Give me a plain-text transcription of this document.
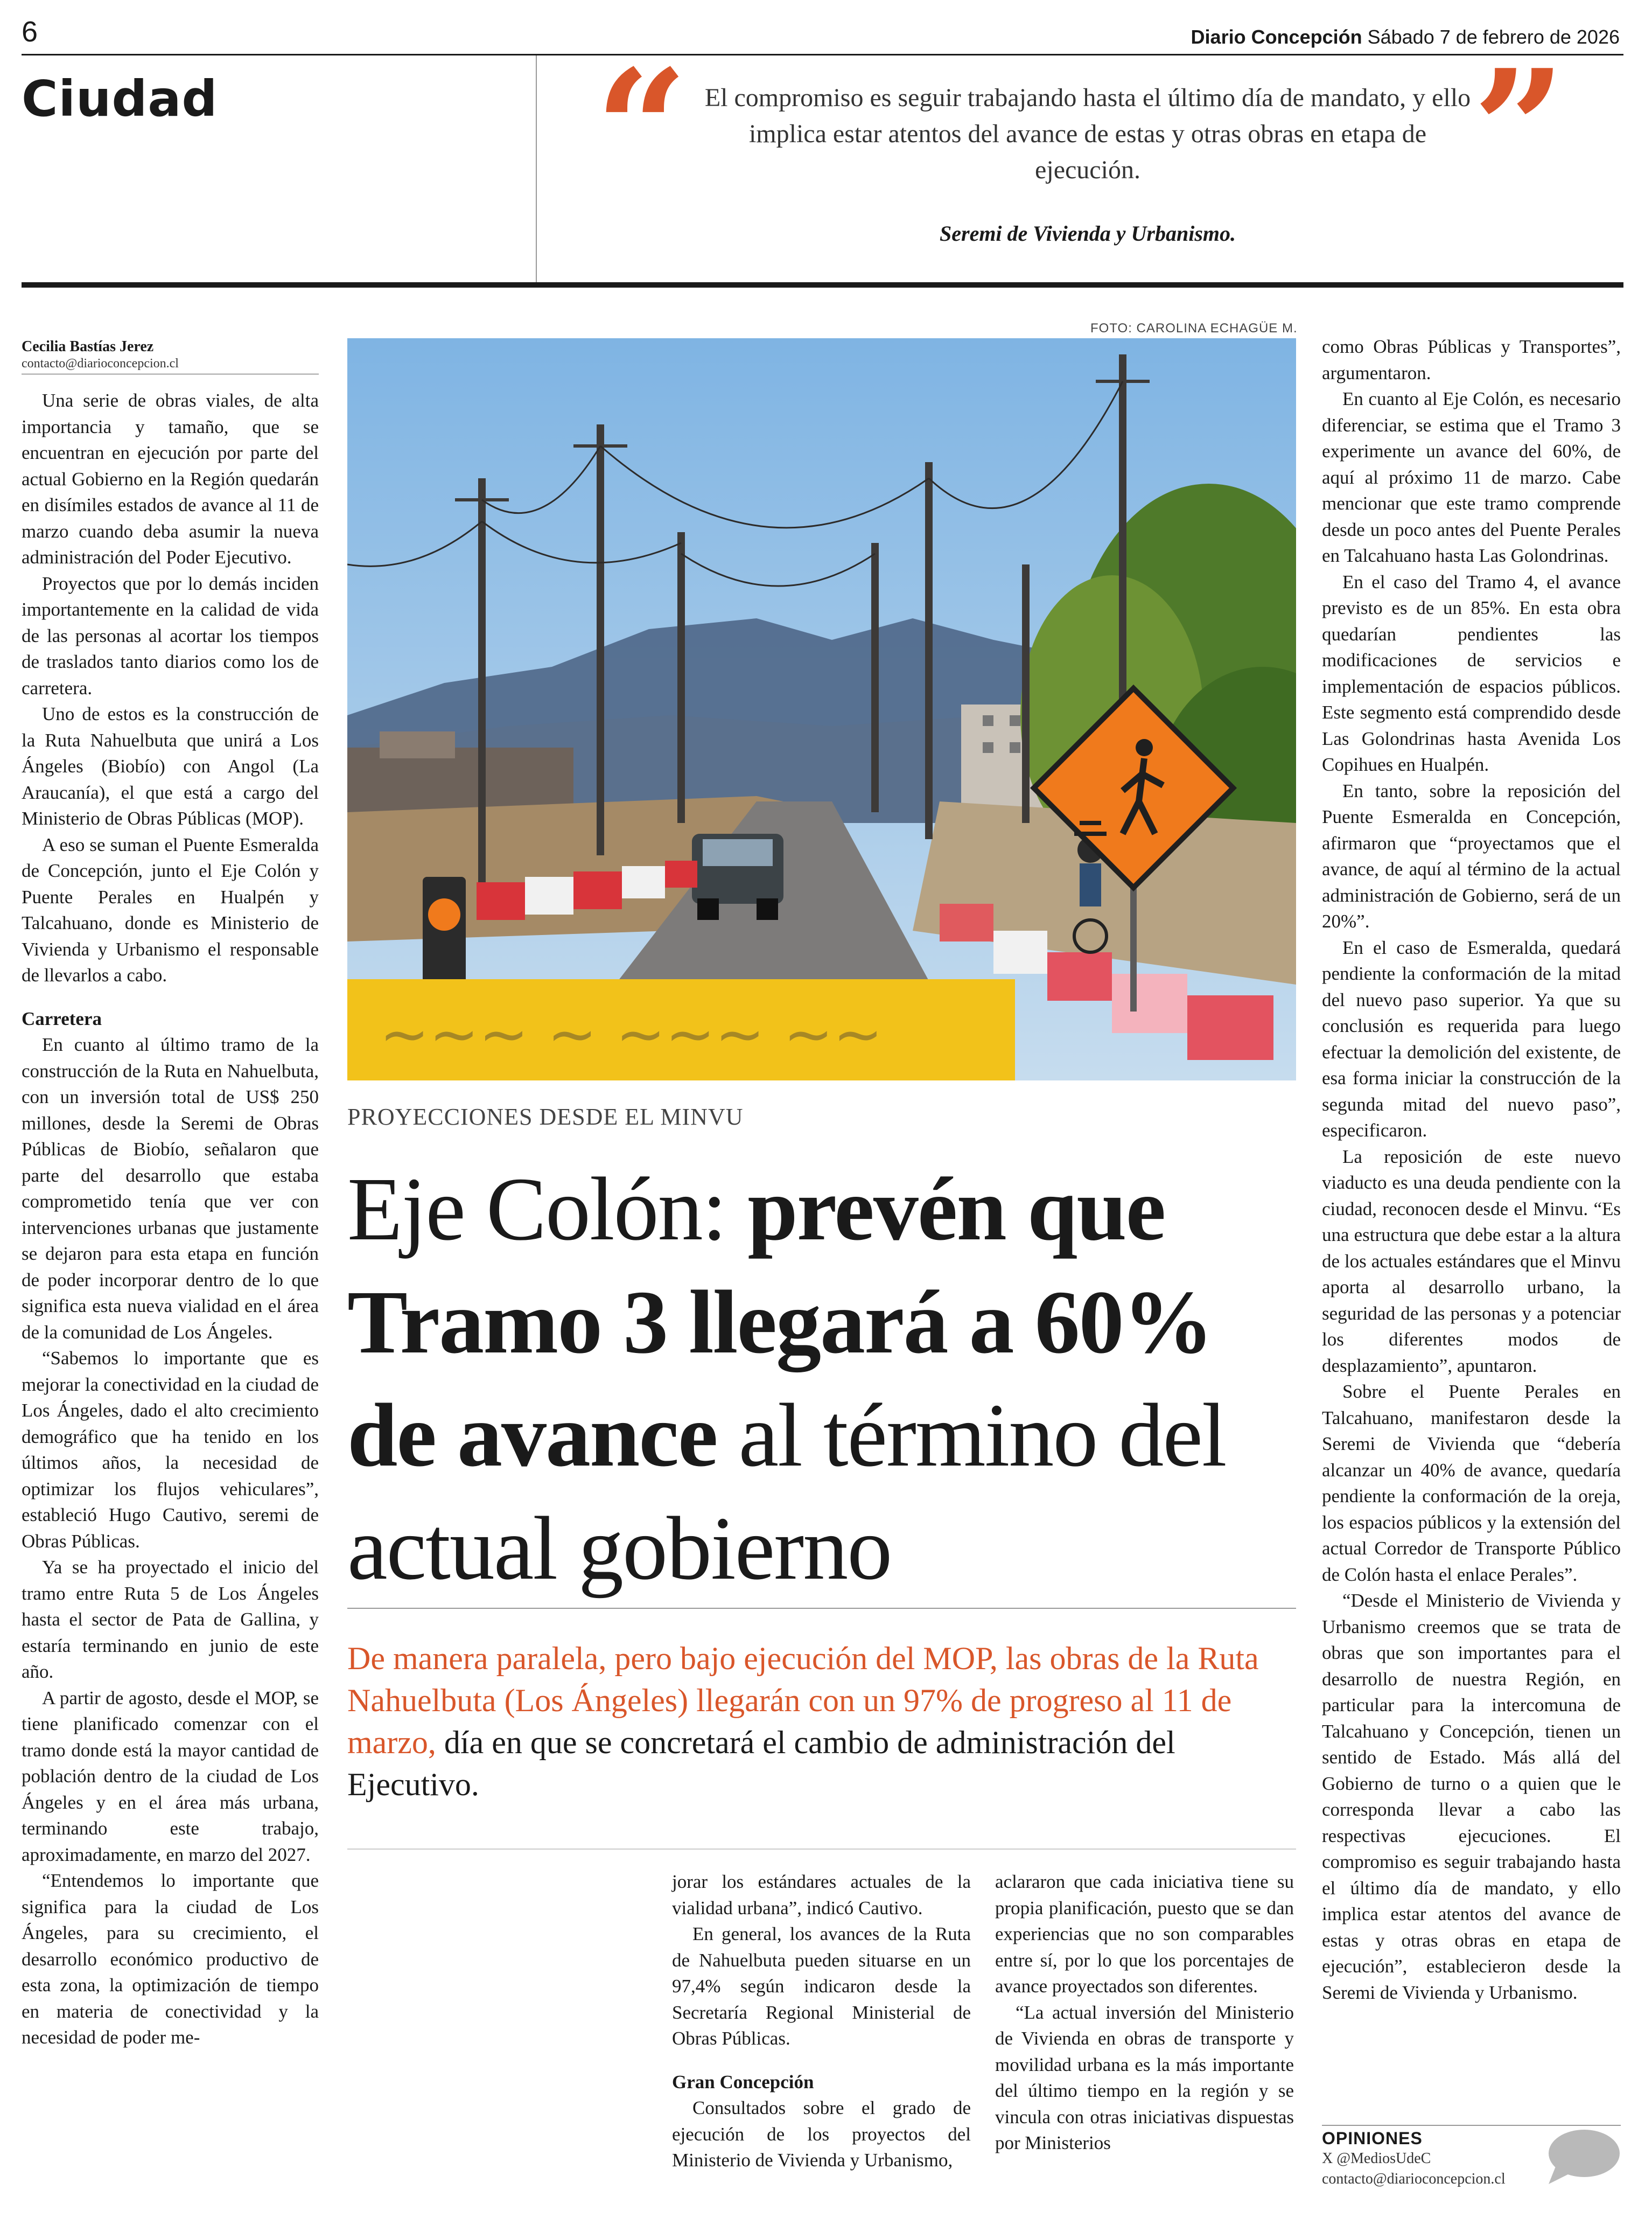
6	Diario Concepción Sábado 7 de febrero de 2026
Ciudad “ El compromiso es seguir trabajando hasta el último día de mandato, y ello implica estar atentos del avance de estas y otras obras en etapa de ejecución.	”
Seremi de Vivienda y Urbanismo.
Cecilia Bastías Jerez
contacto@diarioconcepcion.cl

Una serie de obras viales, de alta importancia y tamaño, que se encuentran en ejecución por parte del actual Gobierno en la Región quedarán en disímiles estados de avance al 11 de marzo cuando deba asumir la nueva administración del Poder Ejecutivo.

Proyectos que por lo demás inciden importantemente en la calidad de vida de las personas al acortar los tiempos de traslados tanto diarios como los de carretera.

Uno de estos es la construcción de la Ruta Nahuelbuta que unirá a Los Ángeles (Biobío) con Angol (La Araucanía), el que está a cargo del Ministerio de Obras Públicas (MOP).

A eso se suman el Puente Esmeralda de Concepción, junto el Eje Colón y Puente Perales en Hualpén y Talcahuano, donde es Ministerio de Vivienda y Urbanismo el responsable de llevarlos a cabo.

Carretera

En cuanto al último tramo de la construcción de la Ruta en Nahuelbuta, con un inversión total de US$ 250 millones, desde la Seremi de Obras Públicas de Biobío, señalaron que parte del desarrollo que estaba comprometido tenía que ver con intervenciones urbanas que justamente se dejaron para esta etapa en función de poder incorporar dentro de lo que significa esta nueva vialidad en el área de la comunidad de Los Ángeles.

“Sabemos lo importante que es mejorar la conectividad en la ciudad de Los Ángeles, dado el alto crecimiento demográfico que ha tenido en los últimos años, la necesidad de optimizar los flujos vehiculares”, estableció Hugo Cautivo, seremi de Obras Públicas.

Ya se ha proyectado el inicio del tramo entre Ruta 5 de Los Ángeles hasta el sector de Pata de Gallina, y estaría terminando en junio de este año.

A partir de agosto, desde el MOP, se tiene planificado comenzar con el tramo donde está la mayor cantidad de población dentro de la ciudad de Los Ángeles y en el área más urbana, terminando este trabajo, aproximadamente, en marzo del 2027.

“Entendemos lo importante que significa para la ciudad de Los Ángeles, para su crecimiento, el desarrollo económico productivo de esta zona, la optimización de tiempo en materia de conectividad y la necesidad de poder me-

FOTO: CAROLINA ECHAGÜE M.
~~~ ~ ~~~ ~~
PROYECCIONES DESDE EL MINVU
Eje Colón: prevén que Tramo 3 llegará a 60% de avance al término del actual gobierno
De manera paralela, pero bajo ejecución del MOP, las obras de la Ruta Nahuelbuta (Los Ángeles) llegarán con un 97% de progreso al 11 de marzo, día en que se concretará el cambio de administración del Ejecutivo.

jorar los estándares actuales de la vialidad urbana”, indicó Cautivo.

En general, los avances de la Ruta de Nahuelbuta pueden situarse en un 97,4% según indicaron desde la Secretaría Regional Ministerial de Obras Públicas.

Gran Concepción

Consultados sobre el grado de ejecución de los proyectos del Ministerio de Vivienda y Urbanismo,

aclararon que cada iniciativa tiene su propia planificación, puesto que se dan experiencias que no son comparables entre sí, por lo que los porcentajes de avance proyectados son diferentes.

“La actual inversión del Ministerio de Vivienda en obras de transporte y movilidad urbana es la más importante del último tiempo en la región y se vincula con otras iniciativas dispuestas por Ministerios

como Obras Públicas y Transportes”, argumentaron.

En cuanto al Eje Colón, es necesario diferenciar, se estima que el Tramo 3 experimente un avance del 60%, de aquí al próximo 11 de marzo. Cabe mencionar que este tramo comprende desde un poco antes del Puente Perales en Talcahuano hasta Las Golondrinas.

En el caso del Tramo 4, el avance previsto es de un 85%. En esta obra quedarían pendientes las modificaciones de servicios e implementación de espacios públicos. Este segmento está comprendido desde Las Golondrinas hasta Avenida Los Copihues en Hualpén.

En tanto, sobre la reposición del Puente Esmeralda en Concepción, afirmaron que “proyectamos que el avance, de aquí al término de la actual administración de Gobierno, será de un 20%”.

En el caso de Esmeralda, quedará pendiente la conformación de la mitad del nuevo paso superior. Ya que su conclusión es requerida para luego efectuar la demolición del existente, de esa forma iniciar la construcción de la segunda mitad del nuevo paso”, especificaron.

La reposición de este nuevo viaducto es una deuda pendiente con la ciudad, reconocen desde el Minvu. “Es una estructura que debe estar a la altura de los actuales estándares que el Minvu aporta al desarrollo urbano, la seguridad de las personas y a potenciar los diferentes modos de desplazamiento”, apuntaron.

Sobre el Puente Perales en Talcahuano, manifestaron desde la Seremi de Vivienda que “debería alcanzar un 40% de avance, quedaría pendiente la conformación de la oreja, los espacios públicos y la extensión del actual Corredor de Transporte Público de Colón hasta el enlace Perales”.

“Desde el Ministerio de Vivienda y Urbanismo creemos que se trata de obras que son importantes para el desarrollo de nuestra Región, en particular para la intercomuna de Talcahuano y Concepción, tienen un sentido de Estado. Más allá del Gobierno de turno o a quien que le corresponda llevar a cabo las respectivas ejecuciones. El compromiso es seguir trabajando hasta el último día de mandato, y ello implica estar atentos del avance de estas y otras obras en etapa de ejecución”, establecieron desde la Seremi de Vivienda y Urbanismo.

OPINIONES
X @MediosUdeC
contacto@diarioconcepcion.cl
